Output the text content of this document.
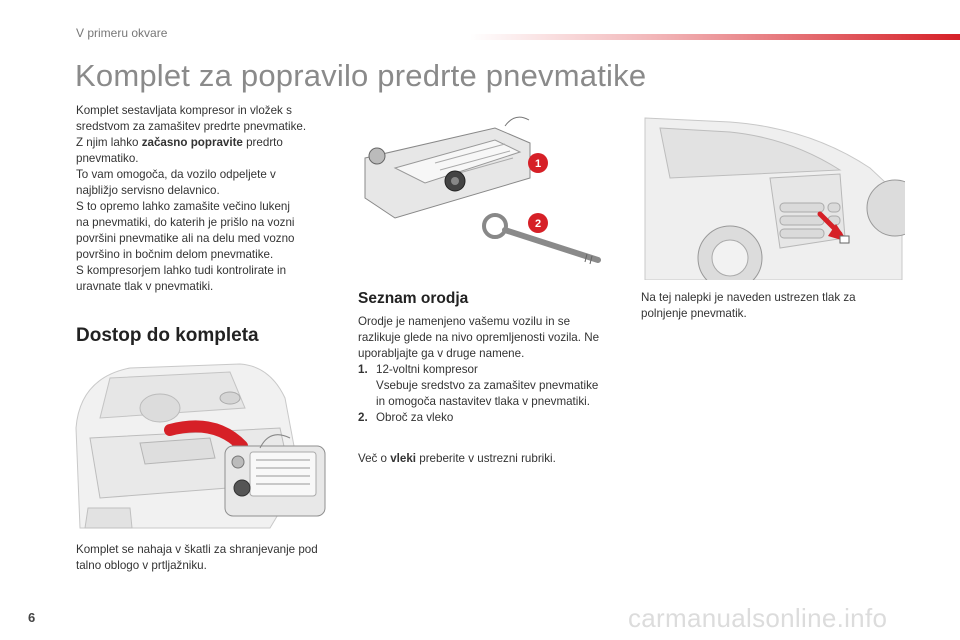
V primeru okvare
Komplet za popravilo predrte pnevmatike
Komplet sestavljata kompresor in vložek s
sredstvom za zamašitev predrte pnevmatike.
Z njim lahko začasno popravite predrto
pnevmatiko.
To vam omogoča, da vozilo odpeljete v
najbližjo servisno delavnico.
S to opremo lahko zamašite večino lukenj
na pnevmatiki, do katerih je prišlo na vozni
površini pnevmatike ali na delu med vozno
površino in bočnim delom pnevmatike.
S kompresorjem lahko tudi kontrolirate in
uravnate tlak v pnevmatiki.
Dostop do kompleta
Komplet se nahaja v škatli za shranjevanje pod
talno oblogo v prtljažniku.
1
2
Seznam orodja
Orodje je namenjeno vašemu vozilu in se
razlikuje glede na nivo opremljenosti vozila. Ne
uporabljajte ga v druge namene.
1. 12-voltni kompresor
Vsebuje sredstvo za zamašitev pnevmatike
in omogoča nastavitev tlaka v pnevmatiki.
2. Obroč za vleko
Več o vleki preberite v ustrezni rubriki.
Na tej nalepki je naveden ustrezen tlak za
polnjenje pnevmatik.
6	carmanualsonline.info
